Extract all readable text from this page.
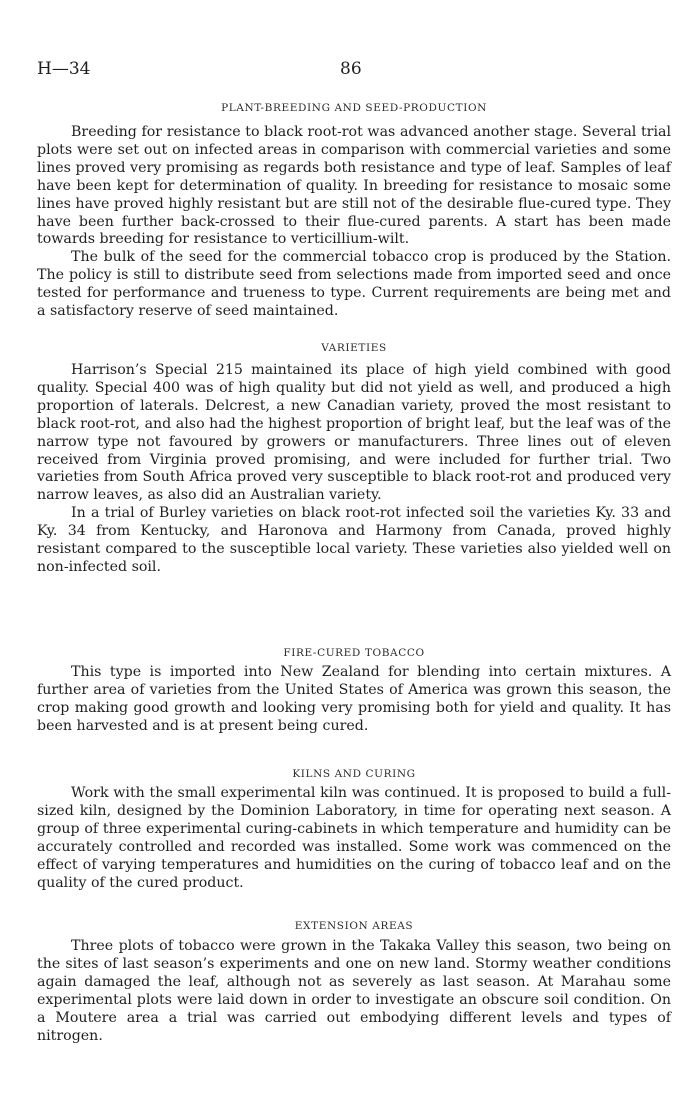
H—34	86
PLANT-BREEDING AND SEED-PRODUCTION

Breeding for resistance to black root-rot was advanced another stage. Several trial plots were set out on infected areas in comparison with commercial varieties and some lines proved very promising as regards both resistance and type of leaf. Samples of leaf have been kept for determination of quality. In breeding for resistance to mosaic some lines have proved highly resistant but are still not of the desirable flue-cured type. They have been further back-crossed to their flue-cured parents. A start has been made towards breeding for resistance to verticillium-wilt.

The bulk of the seed for the commercial tobacco crop is produced by the Station. The policy is still to distribute seed from selections made from imported seed and once tested for performance and trueness to type. Current requirements are being met and a satisfactory reserve of seed maintained.

VARIETIES

Harrison’s Special 215 maintained its place of high yield combined with good quality. Special 400 was of high quality but did not yield as well, and produced a high proportion of laterals. Delcrest, a new Canadian variety, proved the most resistant to black root-rot, and also had the highest proportion of bright leaf, but the leaf was of the narrow type not favoured by growers or manufacturers. Three lines out of eleven received from Virginia proved promising, and were included for further trial. Two varieties from South Africa proved very susceptible to black root-rot and produced very narrow leaves, as also did an Australian variety.

In a trial of Burley varieties on black root-rot infected soil the varieties Ky. 33 and Ky. 34 from Kentucky, and Haronova and Harmony from Canada, proved highly resistant compared to the susceptible local variety. These varieties also yielded well on non-infected soil.

FIRE-CURED TOBACCO

This type is imported into New Zealand for blending into certain mixtures. A further area of varieties from the United States of America was grown this season, the crop making good growth and looking very promising both for yield and quality. It has been harvested and is at present being cured.

KILNS AND CURING

Work with the small experimental kiln was continued. It is proposed to build a full-sized kiln, designed by the Dominion Laboratory, in time for operating next season. A group of three experimental curing-cabinets in which temperature and humidity can be accurately controlled and recorded was installed. Some work was commenced on the effect of varying temperatures and humidities on the curing of tobacco leaf and on the quality of the cured product.

EXTENSION AREAS

Three plots of tobacco were grown in the Takaka Valley this season, two being on the sites of last season’s experiments and one on new land. Stormy weather conditions again damaged the leaf, although not as severely as last season. At Marahau some experimental plots were laid down in order to investigate an obscure soil condition. On a Moutere area a trial was carried out embodying different levels and types of nitrogen.
